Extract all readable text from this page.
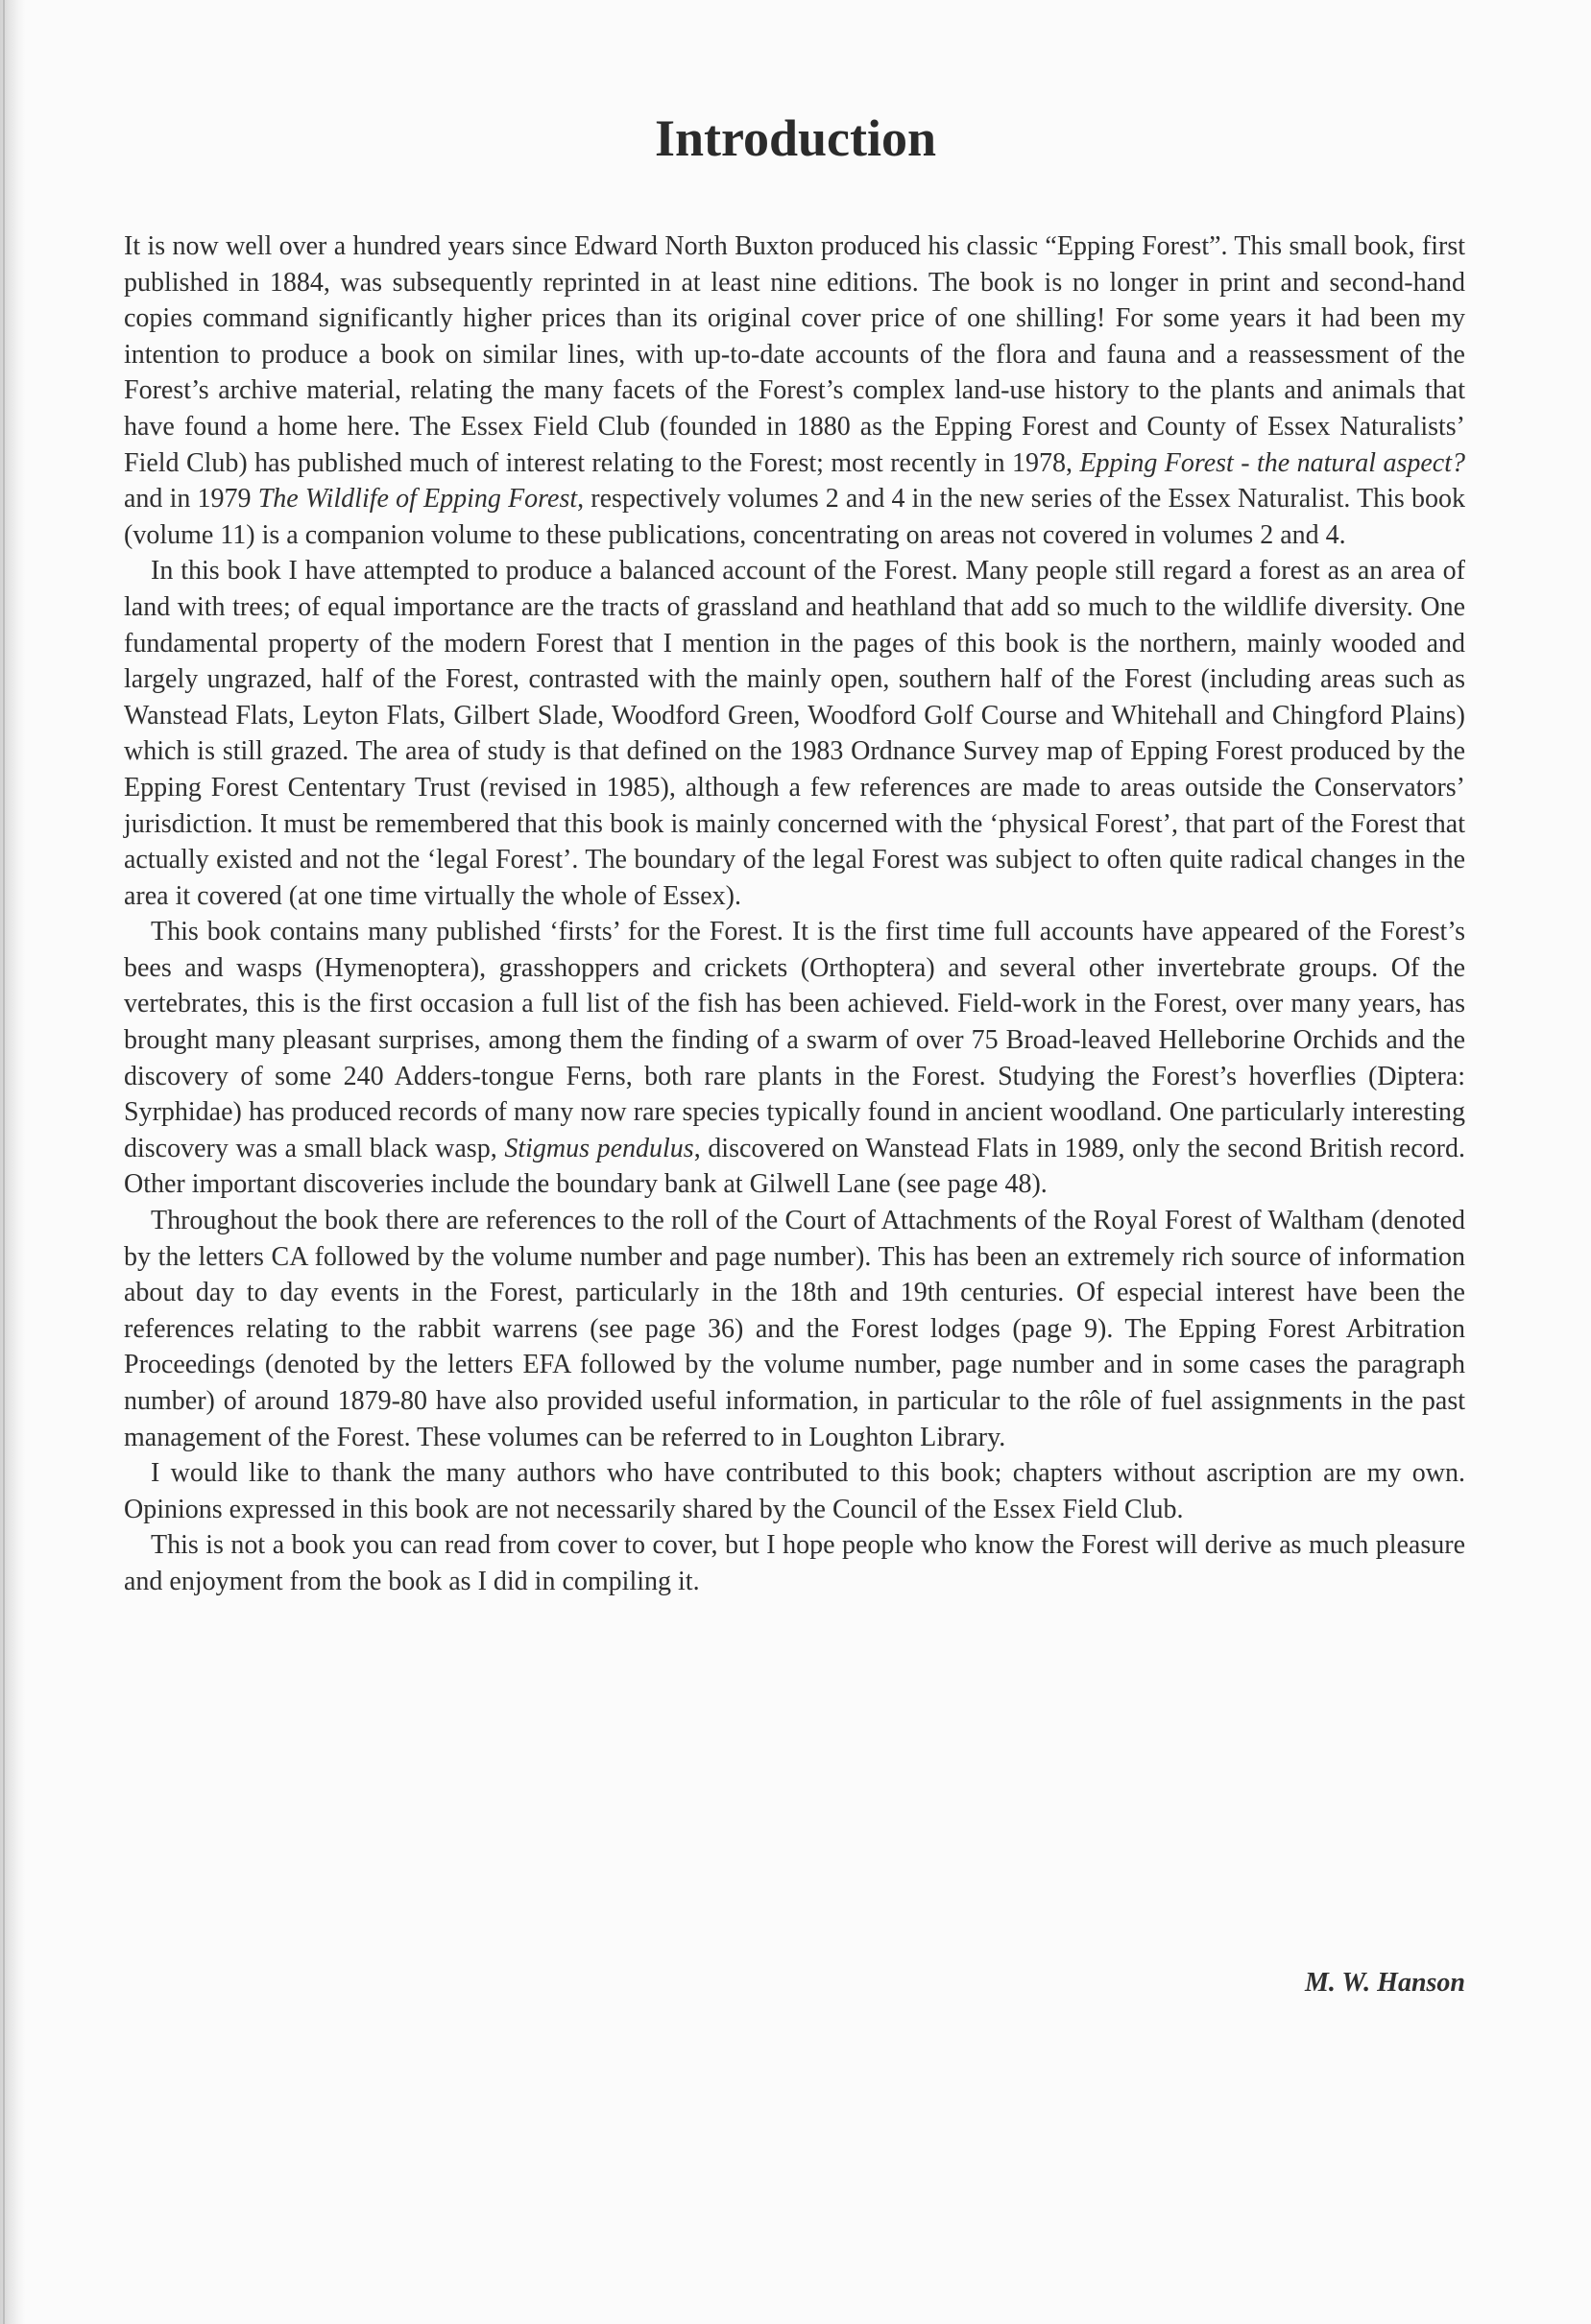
Introduction

It is now well over a hundred years since Edward North Buxton produced his classic “Epping Forest”. This small book, first published in 1884, was subsequently reprinted in at least nine editions. The book is no longer in print and second-hand copies command significantly higher prices than its original cover price of one shilling! For some years it had been my intention to produce a book on similar lines, with up-to-date accounts of the flora and fauna and a reassessment of the Forest’s archive material, relating the many facets of the Forest’s complex land-use history to the plants and animals that have found a home here. The Essex Field Club (founded in 1880 as the Epping Forest and County of Essex Naturalists’ Field Club) has published much of interest relating to the Forest; most recently in 1978, Epping Forest - the natural aspect? and in 1979 The Wildlife of Epping Forest, respectively volumes 2 and 4 in the new series of the Essex Naturalist. This book (volume 11) is a companion volume to these publications, concentrating on areas not covered in volumes 2 and 4.

In this book I have attempted to produce a balanced account of the Forest. Many people still regard a forest as an area of land with trees; of equal importance are the tracts of grassland and heathland that add so much to the wildlife diversity. One fundamental property of the modern Forest that I mention in the pages of this book is the northern, mainly wooded and largely ungrazed, half of the Forest, contrasted with the mainly open, southern half of the Forest (including areas such as Wanstead Flats, Leyton Flats, Gilbert Slade, Woodford Green, Woodford Golf Course and Whitehall and Chingford Plains) which is still grazed. The area of study is that defined on the 1983 Ordnance Survey map of Epping Forest produced by the Epping Forest Cententary Trust (revised in 1985), although a few references are made to areas outside the Conservators’ jurisdiction. It must be remembered that this book is mainly concerned with the ‘physical Forest’, that part of the Forest that actually existed and not the ‘legal Forest’. The boundary of the legal Forest was subject to often quite radical changes in the area it covered (at one time virtually the whole of Essex).

This book contains many published ‘firsts’ for the Forest. It is the first time full accounts have appeared of the Forest’s bees and wasps (Hymenoptera), grasshoppers and crickets (Orthoptera) and several other invertebrate groups. Of the vertebrates, this is the first occasion a full list of the fish has been achieved. Field-work in the Forest, over many years, has brought many pleasant surprises, among them the finding of a swarm of over 75 Broad-leaved Helleborine Orchids and the discovery of some 240 Adders-tongue Ferns, both rare plants in the Forest. Studying the Forest’s hoverflies (Diptera: Syrphidae) has produced records of many now rare species typically found in ancient woodland. One particularly interesting discovery was a small black wasp, Stigmus pendulus, discovered on Wanstead Flats in 1989, only the second British record. Other important discoveries include the boundary bank at Gilwell Lane (see page 48).

Throughout the book there are references to the roll of the Court of Attachments of the Royal Forest of Waltham (denoted by the letters CA followed by the volume number and page number). This has been an extremely rich source of information about day to day events in the Forest, particularly in the 18th and 19th centuries. Of especial interest have been the references relating to the rabbit warrens (see page 36) and the Forest lodges (page 9). The Epping Forest Arbitration Proceedings (denoted by the letters EFA followed by the volume number, page number and in some cases the paragraph number) of around 1879-80 have also provided useful information, in particular to the rôle of fuel assignments in the past management of the Forest. These volumes can be referred to in Loughton Library.

I would like to thank the many authors who have contributed to this book; chapters without ascription are my own. Opinions expressed in this book are not necessarily shared by the Council of the Essex Field Club.

This is not a book you can read from cover to cover, but I hope people who know the Forest will derive as much pleasure and enjoyment from the book as I did in compiling it.

M. W. Hanson
